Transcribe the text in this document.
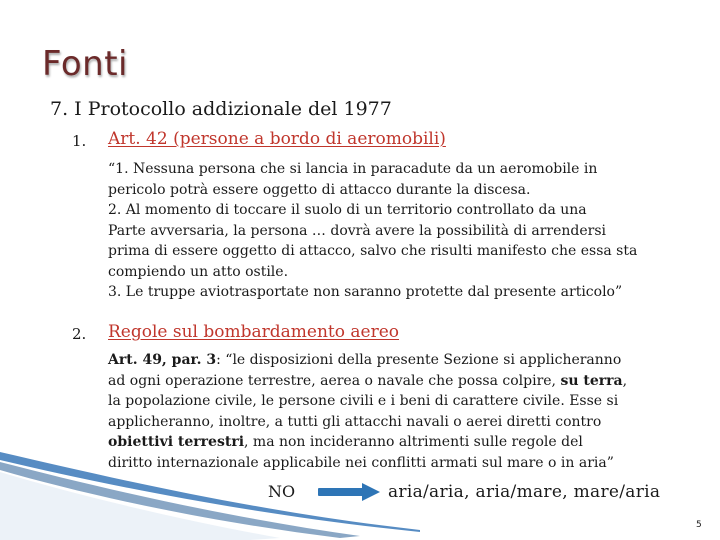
Fonti
7. I Protocollo addizionale del 1977
1. Art. 42 (persone a bordo di aeromobili)
“1. Nessuna persona che si lancia in paracadute da un aeromobile in
pericolo potrà essere oggetto di attacco durante la discesa.
2. Al momento di toccare il suolo di un territorio controllato da una
Parte avversaria, la persona … dovrà avere la possibilità di arrendersi
prima di essere oggetto di attacco, salvo che risulti manifesto che essa sta
compiendo un atto ostile.
3. Le truppe aviotrasportate non saranno protette dal presente articolo”
2. Regole sul bombardamento aereo
Art. 49, par. 3: “le disposizioni della presente Sezione si applicheranno
ad ogni operazione terrestre, aerea o navale che possa colpire, su terra,
la popolazione civile, le persone civili e i beni di carattere civile. Esse si
applicheranno, inoltre, a tutti gli attacchi navali o aerei diretti contro
obiettivi terrestri, ma non incideranno altrimenti sulle regole del
diritto internazionale applicabile nei conflitti armati sul mare o in aria”
NO	aria/aria, aria/mare, mare/aria
5
